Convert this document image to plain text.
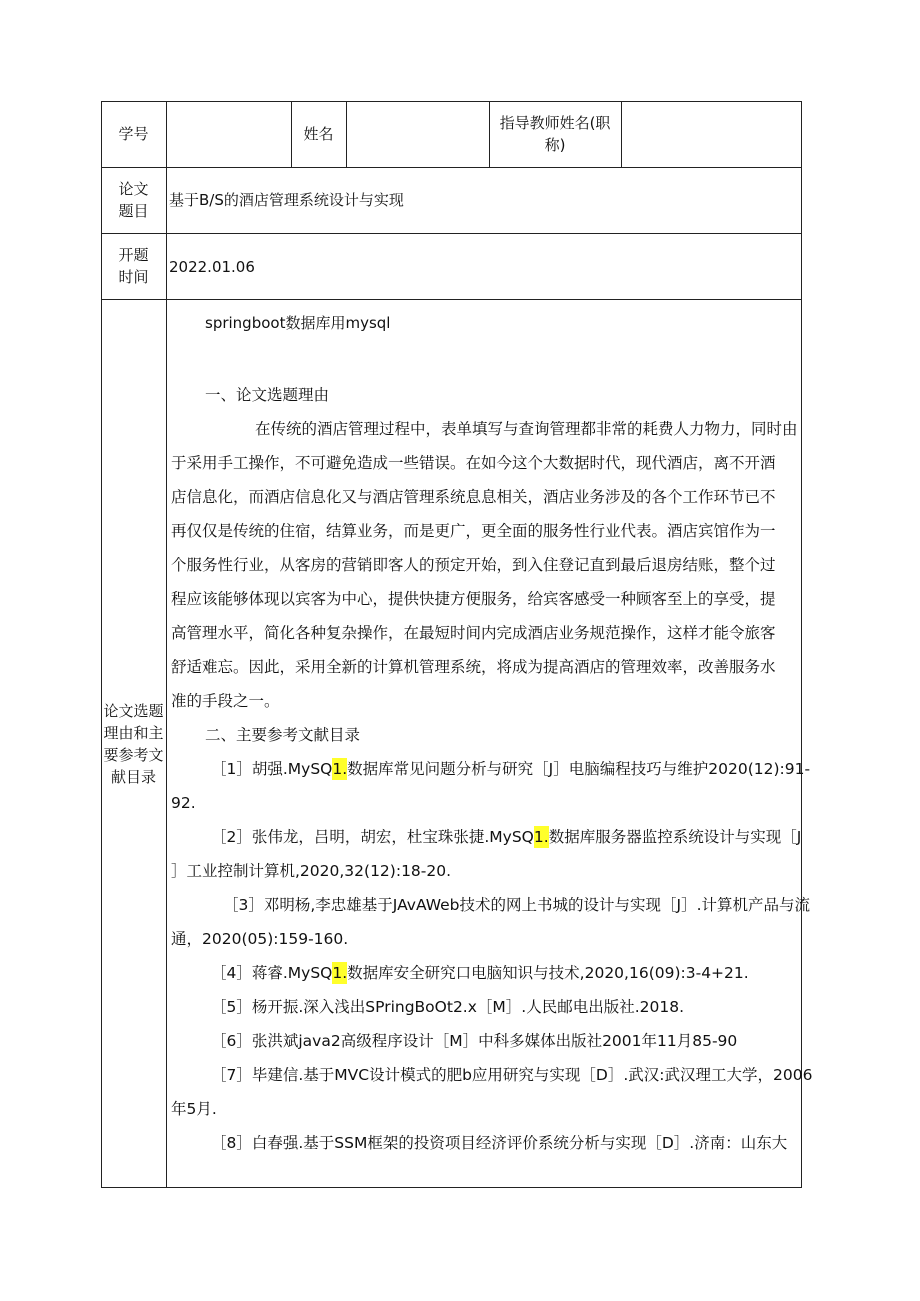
学号	姓名
指导教师姓名(职
称)
论文
题目
基于B/S的酒店管理系统设计与实现
开题
时间
2022.01.06
论文选题
理由和主
要参考文
献目录
springboot数据库用mysql
一、论文选题理由
在传统的酒店管理过程中，表单填写与查询管理都非常的耗费人力物力，同时由
于采用手工操作，不可避免造成一些错误。在如今这个大数据时代，现代酒店，离不开酒
店信息化，而酒店信息化又与酒店管理系统息息相关，酒店业务涉及的各个工作环节已不
再仅仅是传统的住宿，结算业务，而是更广，更全面的服务性行业代表。酒店宾馆作为一
个服务性行业，从客房的营销即客人的预定开始，到入住登记直到最后退房结账，整个过
程应该能够体现以宾客为中心，提供快捷方便服务，给宾客感受一种顾客至上的享受，提
高管理水平，简化各种复杂操作，在最短时间内完成酒店业务规范操作，这样才能令旅客
舒适难忘。因此，采用全新的计算机管理系统，将成为提高酒店的管理效率，改善服务水
准的手段之一。
二、主要参考文献目录
［1］胡强.MySQ1.数据库常见问题分析与研究［J］电脑编程技巧与维护2020(12):91-
92.
［2］张伟龙，吕明，胡宏，杜宝珠张捷.MySQ1.数据库服务器监控系统设计与实现［J
］工业控制计算机,2020,32(12):18-20.
［3］邓明杨,李忠雄基于JAvAWeb技术的网上书城的设计与实现［J］.计算机产品与流
通，2020(05):159-160.
［4］蒋睿.MySQ1.数据库安全研究口电脑知识与技术,2020,16(09):3-4+21.
［5］杨开振.深入浅出SPringBoOt2.x［M］.人民邮电出版社.2018.
［6］张洪斌java2高级程序设计［M］中科多媒体出版社2001年11月85-90
［7］毕建信.基于MVC设计模式的肥b应用研究与实现［D］.武汉:武汉理工大学，2006
年5月.
［8］白春强.基于SSM框架的投资项目经济评价系统分析与实现［D］.济南：山东大
